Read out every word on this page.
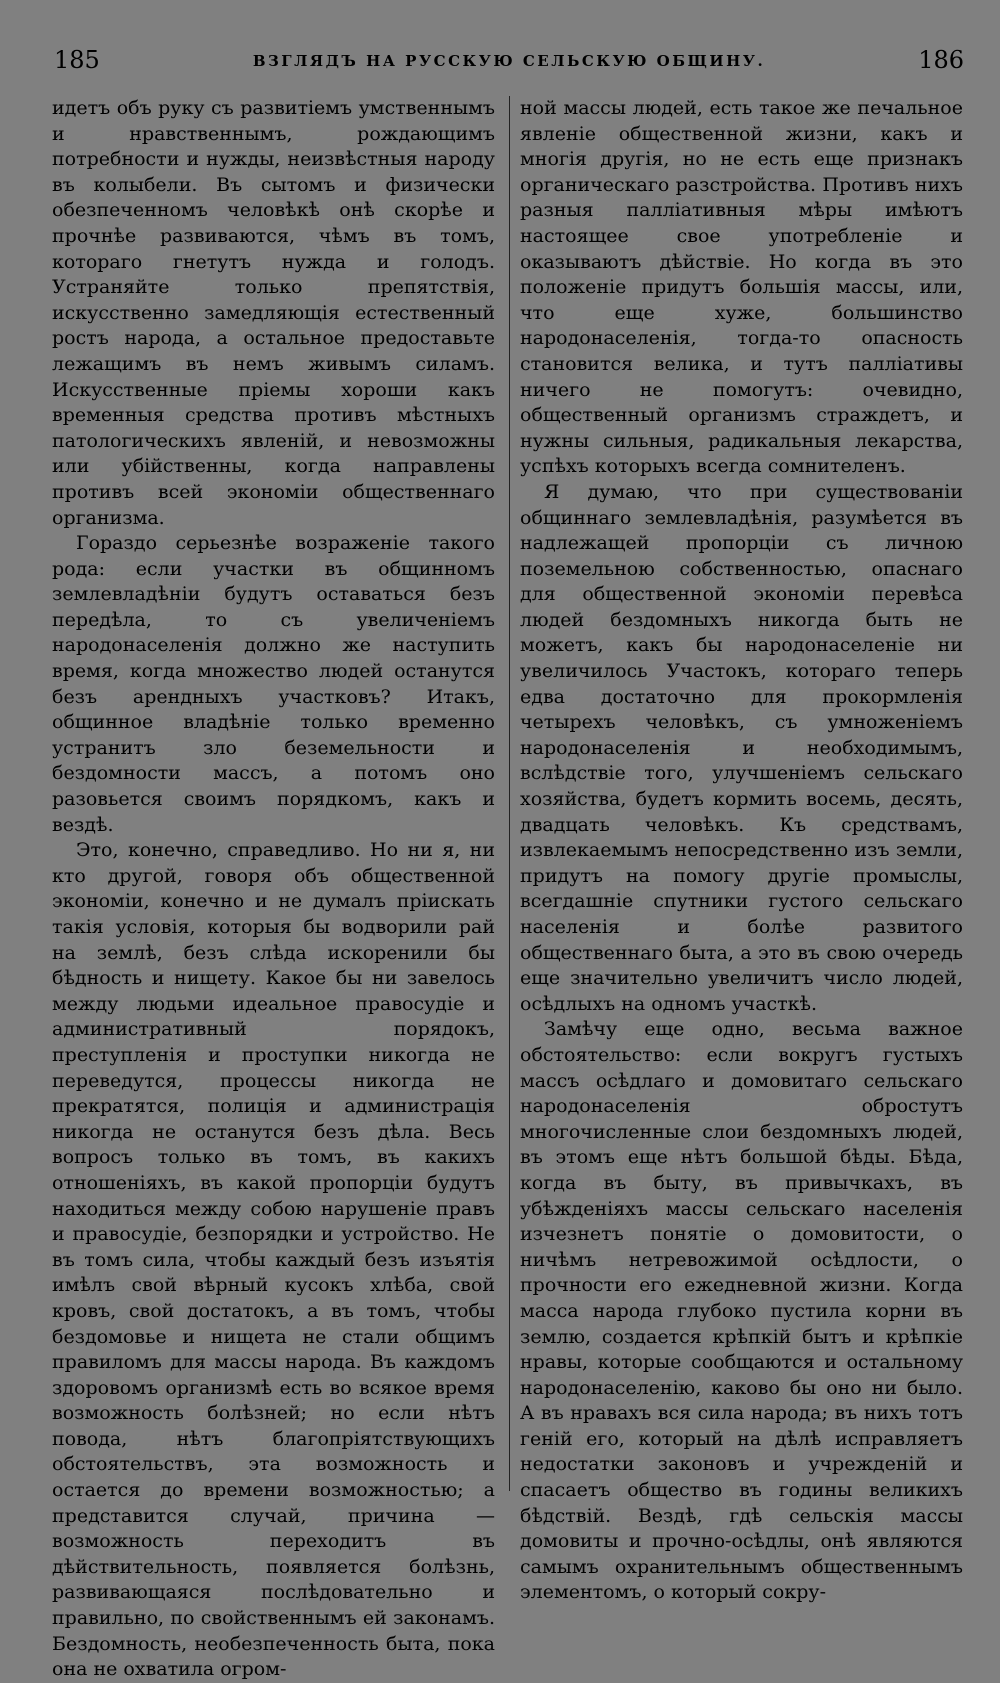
185	ВЗГЛЯДЪ НА РУССКУЮ СЕЛЬСКУЮ ОБЩИНУ.	186

идетъ объ руку съ развитіемъ умственнымъ и нравственнымъ, рождающимъ потребности и нужды, неизвѣстныя народу въ колыбели. Въ сытомъ и физически обезпеченномъ человѣкѣ онѣ скорѣе и прочнѣе развиваются, чѣмъ въ томъ, котораго гнетутъ нужда и голодъ. Устраняйте только препятствія, искусственно замедляющія естественный ростъ народа, а остальное предоставьте лежащимъ въ немъ живымъ силамъ. Искусственные пріемы хороши какъ временныя средства противъ мѣстныхъ патологическихъ явленій, и невозможны или убійственны, когда направлены противъ всей экономіи общественнаго организма.

Гораздо серьезнѣе возраженіе такого рода: если участки въ общинномъ землевладѣніи будутъ оставаться безъ передѣла, то съ увеличеніемъ народонаселенія должно же наступить время, когда множество людей останутся безъ арендныхъ участковъ? Итакъ, общинное владѣніе только временно устранитъ зло беземельности и бездомности массъ, а потомъ оно разовьется своимъ порядкомъ, какъ и вездѣ.

Это, конечно, справедливо. Но ни я, ни кто другой, говоря объ общественной экономіи, конечно и не думалъ пріискать такія условія, которыя бы водворили рай на землѣ, безъ слѣда искоренили бы бѣдность и нищету. Какое бы ни завелось между людьми идеальное правосудіе и административный порядокъ, преступленія и проступки никогда не переведутся, процессы никогда не прекратятся, полиція и администрація никогда не останутся безъ дѣла. Весь вопросъ только въ томъ, въ какихъ отношеніяхъ, въ какой пропорціи будутъ находиться между собою нарушеніе правъ и правосудіе, безпорядки и устройство. Не въ томъ сила, чтобы каждый безъ изъятія имѣлъ свой вѣрный кусокъ хлѣба, свой кровъ, свой достатокъ, а въ томъ, чтобы бездомовье и нищета не стали общимъ правиломъ для массы народа. Въ каждомъ здоровомъ организмѣ есть во всякое время возможность болѣзней; но если нѣтъ повода, нѣтъ благопріятствующихъ обстоятельствъ, эта возможность и остается до времени возможностью; а представится случай, причина —возможность переходитъ въ дѣйствительность, появляется болѣзнь, развивающаяся послѣдовательно и правильно, по свойственнымъ ей законамъ. Бездомность, необезпеченность быта, пока она не охватила огром-

ной массы людей, есть такое же печальное явленіе общественной жизни, какъ и многія другія, но не есть еще признакъ органическаго разстройства. Противъ нихъ разныя палліативныя мѣры имѣютъ настоящее свое употребленіе и оказываютъ дѣйствіе. Но когда въ это положеніе придутъ большія массы, или, что еще хуже, большинство народонаселенія, тогда-то опасность становится велика, и тутъ палліативы ничего не помогутъ: очевидно, общественный организмъ страждетъ, и нужны сильныя, радикальныя лекарства, успѣхъ которыхъ всегда сомнителенъ.

Я думаю, что при существованіи общиннаго землевладѣнія, разумѣется въ надлежащей пропорціи съ личною поземельною собственностью, опаснаго для общественной экономіи перевѣса людей бездомныхъ никогда быть не можетъ, какъ бы народонаселеніе ни увеличилось Участокъ, котораго теперь едва достаточно для прокормленія четырехъ человѣкъ, съ умноженіемъ народонаселенія и необходимымъ, вслѣдствіе того, улучшеніемъ сельскаго хозяйства, будетъ кормить восемь, десять, двадцать человѣкъ. Къ средствамъ, извлекаемымъ непосредственно изъ земли, придутъ на помогу другіе промыслы, всегдашніе спутники густого сельскаго населенія и болѣе развитого общественнаго быта, а это въ свою очередь еще значительно увеличитъ число людей, осѣдлыхъ на одномъ участкѣ.

Замѣчу еще одно, весьма важное обстоятельство: если вокругъ густыхъ массъ осѣдлаго и домовитаго сельскаго народонаселенія обростутъ многочисленные слои бездомныхъ людей, въ этомъ еще нѣтъ большой бѣды. Бѣда, когда въ быту, въ привычкахъ, въ убѣжденіяхъ массы сельскаго населенія изчезнетъ понятіе о домовитости, о ничѣмъ нетревожимой осѣдлости, о прочности его ежедневной жизни. Когда масса народа глубоко пустила корни въ землю, создается крѣпкій бытъ и крѣпкіе нравы, которые сообщаются и остальному народонаселенію, каково бы оно ни было. А въ нравахъ вся сила народа; въ нихъ тотъ геній его, который на дѣлѣ исправляетъ недостатки законовъ и учрежденій и спасаетъ общество въ годины великихъ бѣдствій. Вездѣ, гдѣ сельскія массы домовиты и прочно-осѣдлы, онѣ являются самымъ охранительнымъ общественнымъ элементомъ, о который сокру-
